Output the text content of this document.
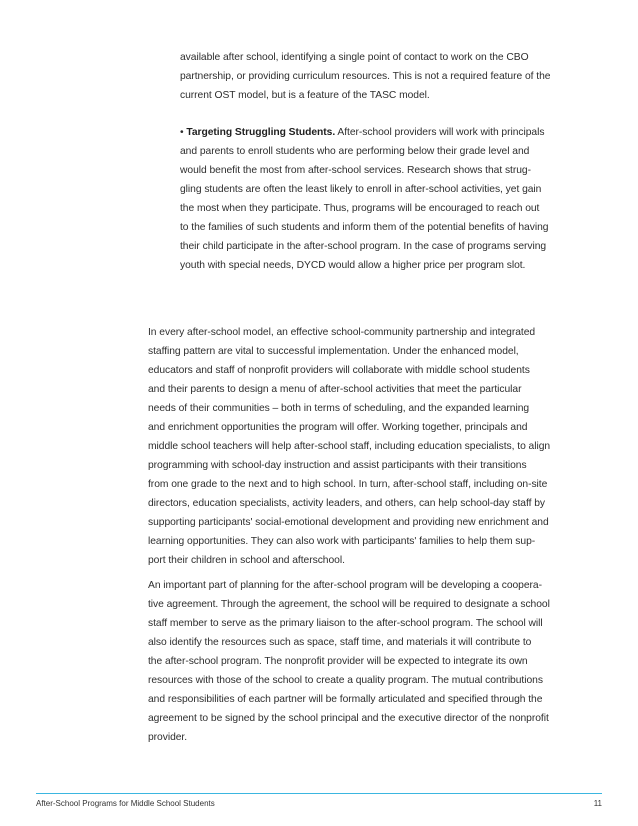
available after school, identifying a single point of contact to work on the CBO

partnership, or providing curriculum resources. This is not a required feature of the

current OST model, but is a feature of the TASC model.

• Targeting Struggling Students. After-school providers will work with principals

and parents to enroll students who are performing below their grade level and

would benefit the most from after-school services. Research shows that strug-

gling students are often the least likely to enroll in after-school activities, yet gain

the most when they participate. Thus, programs will be encouraged to reach out

to the families of such students and inform them of the potential benefits of having

their child participate in the after-school program. In the case of programs serving

youth with special needs, DYCD would allow a higher price per program slot.

In every after-school model, an effective school-community partnership and integrated

staffing pattern are vital to successful implementation. Under the enhanced model,

educators and staff of nonprofit providers will collaborate with middle school students

and their parents to design a menu of after-school activities that meet the particular

needs of their communities – both in terms of scheduling, and the expanded learning

and enrichment opportunities the program will offer. Working together, principals and

middle school teachers will help after-school staff, including education specialists, to align

programming with school-day instruction and assist participants with their transitions

from one grade to the next and to high school. In turn, after-school staff, including on-site

directors, education specialists, activity leaders, and others, can help school-day staff by

supporting participants' social-emotional development and providing new enrichment and

learning opportunities. They can also work with participants' families to help them sup-

port their children in school and afterschool.

An important part of planning for the after-school program will be developing a coopera-

tive agreement. Through the agreement, the school will be required to designate a school

staff member to serve as the primary liaison to the after-school program. The school will

also identify the resources such as space, staff time, and materials it will contribute to

the after-school program. The nonprofit provider will be expected to integrate its own

resources with those of the school to create a quality program. The mutual contributions

and responsibilities of each partner will be formally articulated and specified through the

agreement to be signed by the school principal and the executive director of the nonprofit

provider.

After-School Programs for Middle School Students	11
